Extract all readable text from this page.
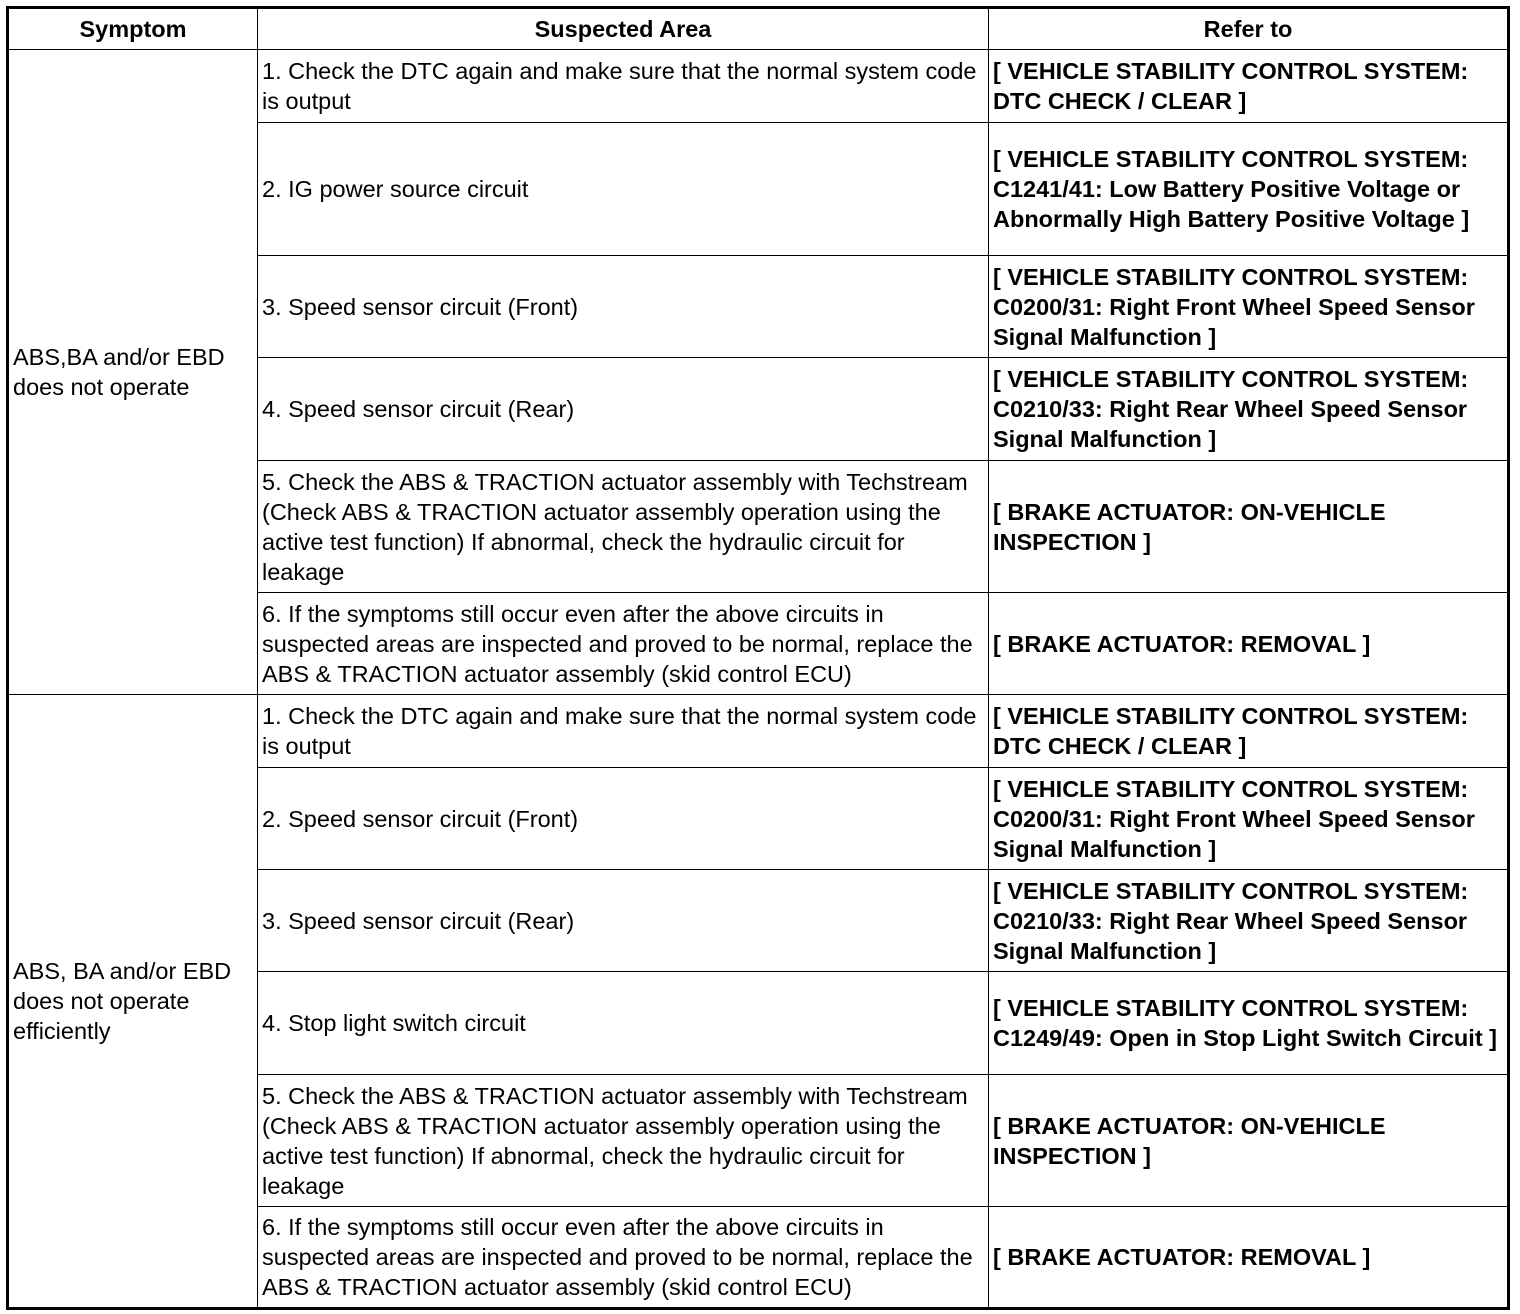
Symptom	Suspected Area	Refer to
ABS,BA and/or EBD does not operate	1. Check the DTC again and make sure that the normal system code is output	[ VEHICLE STABILITY CONTROL SYSTEM: DTC CHECK / CLEAR ]
	2. IG power source circuit	[ VEHICLE STABILITY CONTROL SYSTEM: C1241/41: Low Battery Positive Voltage or Abnormally High Battery Positive Voltage ]
	3. Speed sensor circuit (Front)	[ VEHICLE STABILITY CONTROL SYSTEM: C0200/31: Right Front Wheel Speed Sensor Signal Malfunction ]
	4. Speed sensor circuit (Rear)	[ VEHICLE STABILITY CONTROL SYSTEM: C0210/33: Right Rear Wheel Speed Sensor Signal Malfunction ]
	5. Check the ABS & TRACTION actuator assembly with Techstream (Check ABS & TRACTION actuator assembly operation using the active test function) If abnormal, check the hydraulic circuit for leakage	[ BRAKE ACTUATOR: ON-VEHICLE INSPECTION ]
	6. If the symptoms still occur even after the above circuits in suspected areas are inspected and proved to be normal, replace the ABS & TRACTION actuator assembly (skid control ECU)	[ BRAKE ACTUATOR: REMOVAL ]
ABS, BA and/or EBD does not operate efficiently	1. Check the DTC again and make sure that the normal system code is output	[ VEHICLE STABILITY CONTROL SYSTEM: DTC CHECK / CLEAR ]
	2. Speed sensor circuit (Front)	[ VEHICLE STABILITY CONTROL SYSTEM: C0200/31: Right Front Wheel Speed Sensor Signal Malfunction ]
	3. Speed sensor circuit (Rear)	[ VEHICLE STABILITY CONTROL SYSTEM: C0210/33: Right Rear Wheel Speed Sensor Signal Malfunction ]
	4. Stop light switch circuit	[ VEHICLE STABILITY CONTROL SYSTEM: C1249/49: Open in Stop Light Switch Circuit ]
	5. Check the ABS & TRACTION actuator assembly with Techstream (Check ABS & TRACTION actuator assembly operation using the active test function) If abnormal, check the hydraulic circuit for leakage	[ BRAKE ACTUATOR: ON-VEHICLE INSPECTION ]
	6. If the symptoms still occur even after the above circuits in suspected areas are inspected and proved to be normal, replace the ABS & TRACTION actuator assembly (skid control ECU)	[ BRAKE ACTUATOR: REMOVAL ]
